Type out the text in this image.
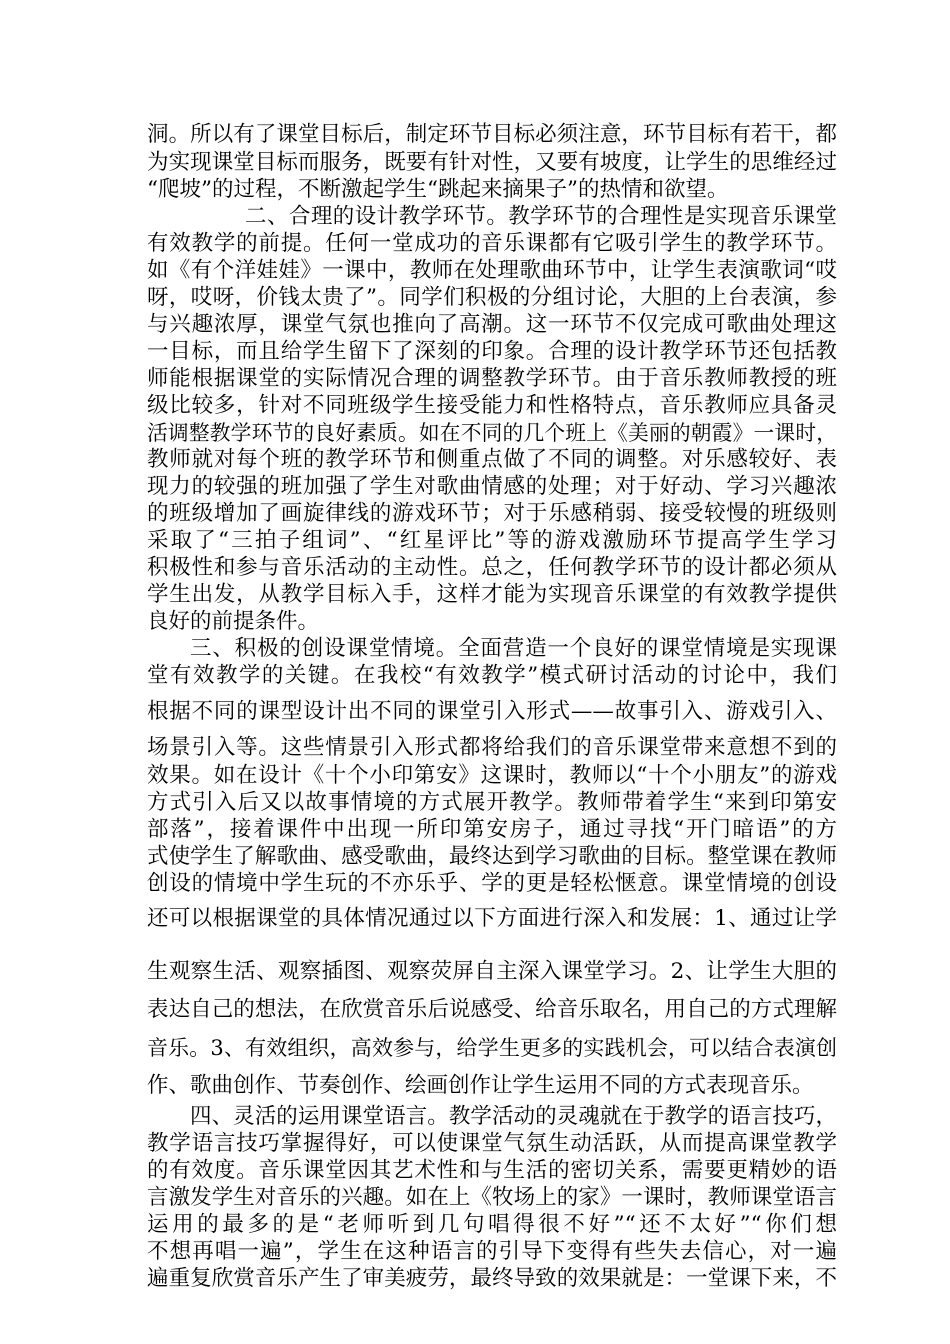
洞。所以有了课堂目标后，制定环节目标必须注意，环节目标有若干，都
为实现课堂目标而服务，既要有针对性，又要有坡度，让学生的思维经过
“爬坡”的过程，不断激起学生“跳起来摘果子”的热情和欲望。
二、合理的设计教学环节。教学环节的合理性是实现音乐课堂
有效教学的前提。任何一堂成功的音乐课都有它吸引学生的教学环节。
如《有个洋娃娃》一课中，教师在处理歌曲环节中，让学生表演歌词“哎
呀，哎呀，价钱太贵了”。同学们积极的分组讨论，大胆的上台表演，参
与兴趣浓厚，课堂气氛也推向了高潮。这一环节不仅完成可歌曲处理这
一目标，而且给学生留下了深刻的印象。合理的设计教学环节还包括教
师能根据课堂的实际情况合理的调整教学环节。由于音乐教师教授的班
级比较多，针对不同班级学生接受能力和性格特点，音乐教师应具备灵
活调整教学环节的良好素质。如在不同的几个班上《美丽的朝霞》一课时，
教师就对每个班的教学环节和侧重点做了不同的调整。对乐感较好、表
现力的较强的班加强了学生对歌曲情感的处理；对于好动、学习兴趣浓
的班级增加了画旋律线的游戏环节；对于乐感稍弱、接受较慢的班级则
采取了“三拍子组词”、“红星评比”等的游戏激励环节提高学生学习
积极性和参与音乐活动的主动性。总之，任何教学环节的设计都必须从
学生出发，从教学目标入手，这样才能为实现音乐课堂的有效教学提供
良好的前提条件。
三、积极的创设课堂情境。全面营造一个良好的课堂情境是实现课
堂有效教学的关键。在我校“有效教学”模式研讨活动的讨论中，我们
根据不同的课型设计出不同的课堂引入形式——故事引入、游戏引入、
场景引入等。这些情景引入形式都将给我们的音乐课堂带来意想不到的
效果。如在设计《十个小印第安》这课时，教师以“十个小朋友”的游戏
方式引入后又以故事情境的方式展开教学。教师带着学生“来到印第安
部落”，接着课件中出现一所印第安房子，通过寻找“开门暗语”的方
式使学生了解歌曲、感受歌曲，最终达到学习歌曲的目标。整堂课在教师
创设的情境中学生玩的不亦乐乎、学的更是轻松惬意。课堂情境的创设
还可以根据课堂的具体情况通过以下方面进行深入和发展：1、通过让学
生观察生活、观察插图、观察荧屏自主深入课堂学习。2、让学生大胆的
表达自己的想法，在欣赏音乐后说感受、给音乐取名，用自己的方式理解
音乐。3、有效组织，高效参与，给学生更多的实践机会，可以结合表演创
作、歌曲创作、节奏创作、绘画创作让学生运用不同的方式表现音乐。
四、灵活的运用课堂语言。教学活动的灵魂就在于教学的语言技巧，
教学语言技巧掌握得好，可以使课堂气氛生动活跃，从而提高课堂教学
的有效度。音乐课堂因其艺术性和与生活的密切关系，需要更精妙的语
言激发学生对音乐的兴趣。如在上《牧场上的家》一课时，教师课堂语言
运用的最多的是“老师听到几句唱得很不好”“还不太好”“你们想
不想再唱一遍”，学生在这种语言的引导下变得有些失去信心，对一遍
遍重复欣赏音乐产生了审美疲劳，最终导致的效果就是：一堂课下来，不
